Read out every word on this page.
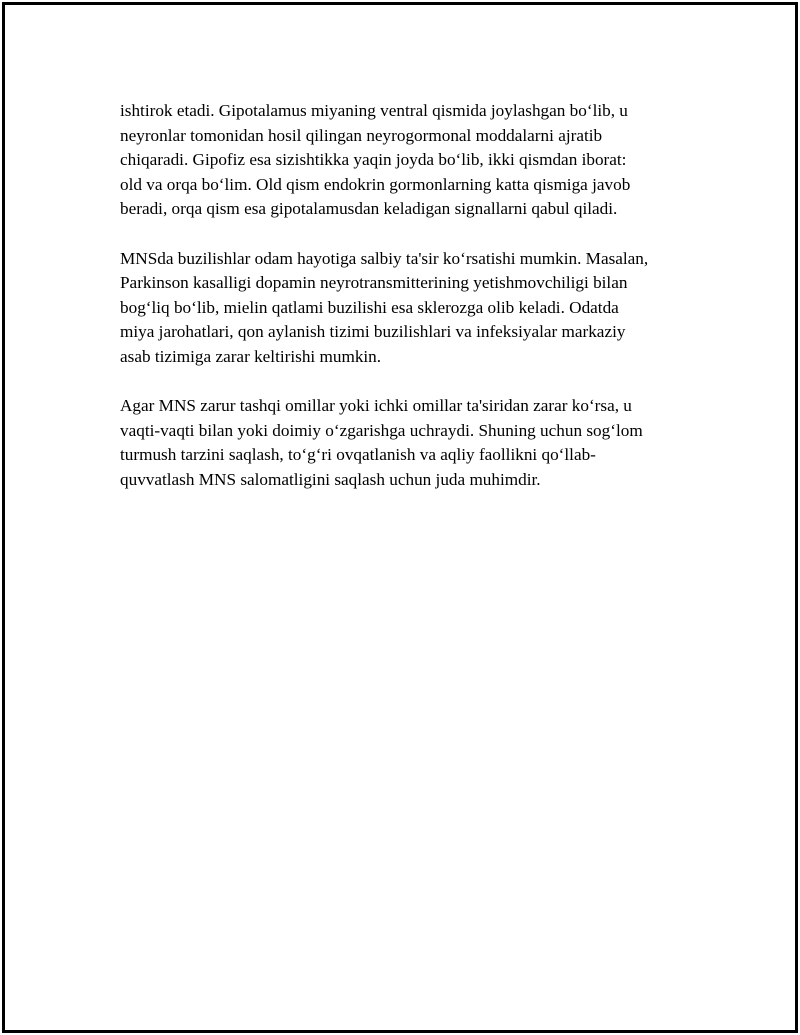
ishtirok etadi. Gipotalamus miyaning ventral qismida joylashgan bo‘lib, u
neyronlar tomonidan hosil qilingan neyrogormonal moddalarni ajratib
chiqaradi. Gipofiz esa sizishtikka yaqin joyda bo‘lib, ikki qismdan iborat:
old va orqa bo‘lim. Old qism endokrin gormonlarning katta qismiga javob
beradi, orqa qism esa gipotalamusdan keladigan signallarni qabul qiladi.

MNSda buzilishlar odam hayotiga salbiy ta'sir ko‘rsatishi mumkin. Masalan,
Parkinson kasalligi dopamin neyrotransmitterining yetishmovchiligi bilan
bog‘liq bo‘lib, mielin qatlami buzilishi esa sklerozga olib keladi. Odatda
miya jarohatlari, qon aylanish tizimi buzilishlari va infeksiyalar markaziy
asab tizimiga zarar keltirishi mumkin.

Agar MNS zarur tashqi omillar yoki ichki omillar ta'siridan zarar ko‘rsa, u
vaqti-vaqti bilan yoki doimiy o‘zgarishga uchraydi. Shuning uchun sog‘lom
turmush tarzini saqlash, to‘g‘ri ovqatlanish va aqliy faollikni qo‘llab-
quvvatlash MNS salomatligini saqlash uchun juda muhimdir.
